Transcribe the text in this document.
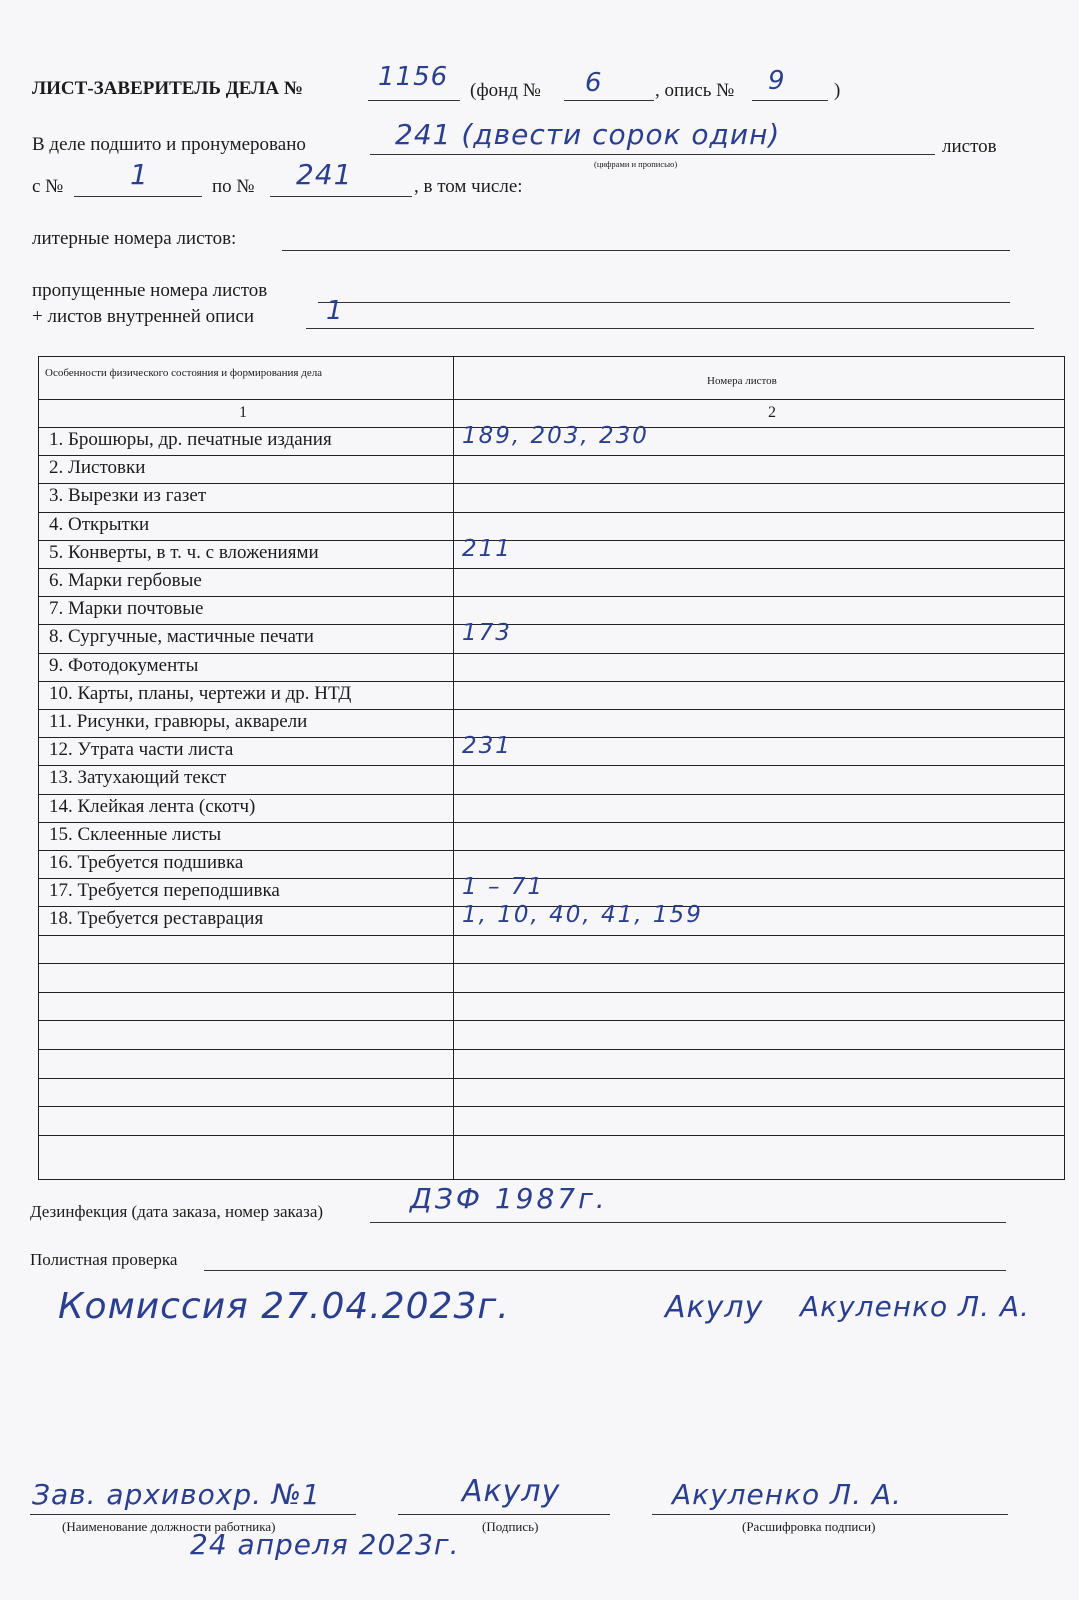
ЛИСТ-ЗАВЕРИТЕЛЬ ДЕЛА №	1156 (фонд № 6	, опись № 9	)
В деле подшито и пронумеровано	241 (двести сорок один)
(цифрами и прописью)
листов
с № 1	по № 241	, в том числе:
литерные номера листов:
пропущенные номера листов
+ листов внутренней описи	1
Особенности физического состояния и формирования дела
Номера листов
1	2
1. Брошюры, др. печатные издания	189, 203, 230
2. Листовки
3. Вырезки из газет
4. Открытки
5. Конверты, в т. ч. с вложениями	211
6. Марки гербовые
7. Марки почтовые
8. Сургучные, мастичные печати	173
9. Фотодокументы
10. Карты, планы, чертежи и др. НТД
11. Рисунки, гравюры, акварели
12. Утрата части листа	231
13. Затухающий текст
14. Клейкая лента (скотч)
15. Склеенные листы
16. Требуется подшивка
17. Требуется переподшивка	1 – 71
18. Требуется реставрация	1, 10, 40, 41, 159
Дезинфекция (дата заказа, номер заказа)	ДЗФ 1987г.
Полистная проверка
Комиссия 27.04.2023г.	Акулу Акуленко Л. А.
Зав. архивохр. №1
(Наименование должности работника)
Акулу
(Подпись)
Акуленко Л. А.
(Расшифровка подписи)
24 апреля 2023г.
